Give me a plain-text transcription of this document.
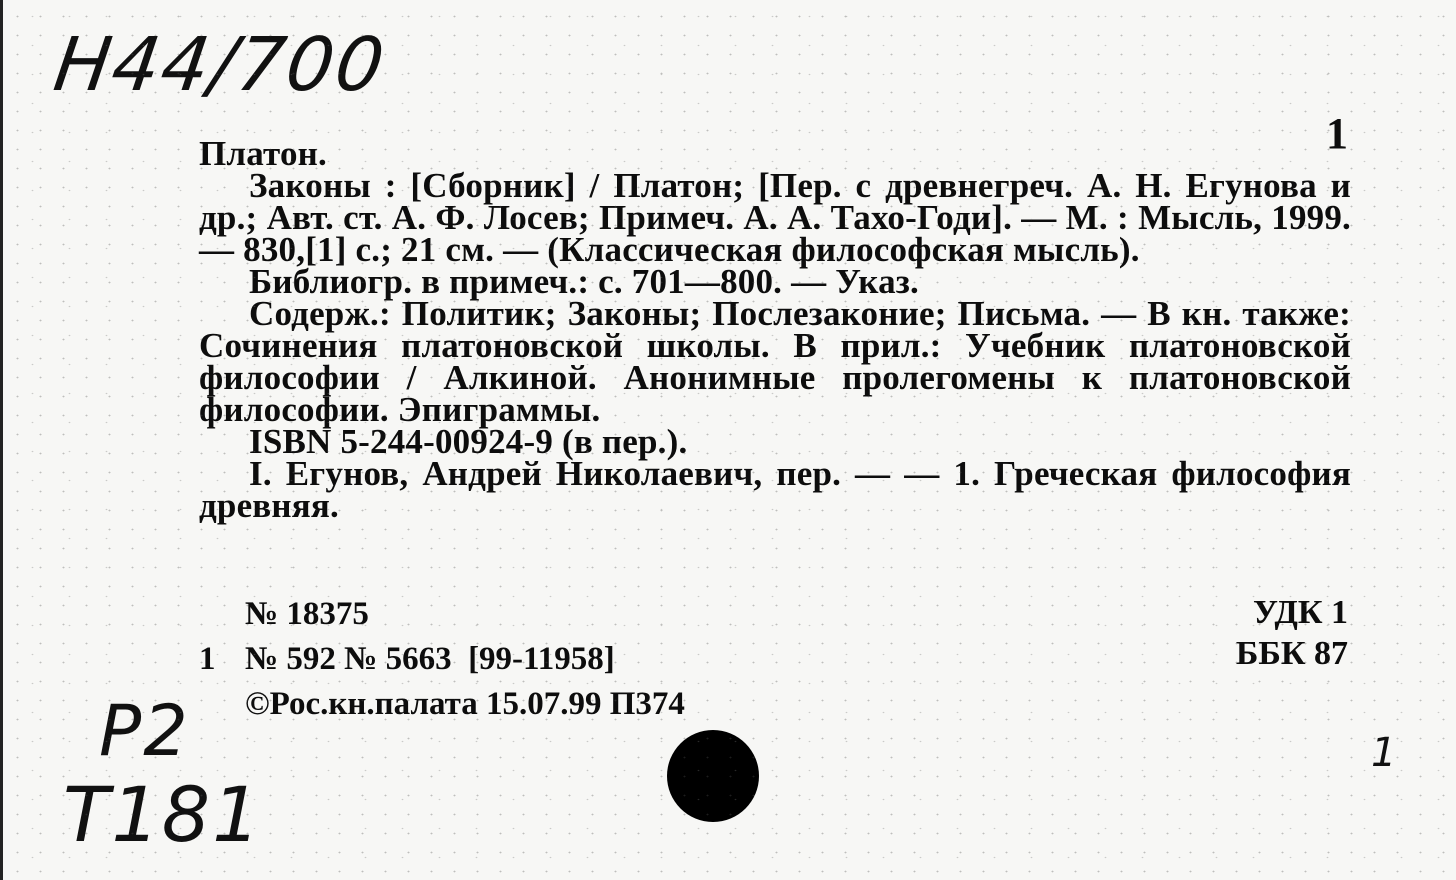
Н44/700
1

Платон.

Законы : [Сборник] / Платон; [Пер. с древнегреч. А. Н. Егунова и др.; Авт. ст. А. Ф. Лосев; Примеч. А. А. Тахо-Годи]. — М. : Мысль, 1999. — 830,[1] с.; 21 см. — (Классическая философская мысль).

Библиогр. в примеч.: с. 701—800. — Указ.

Содерж.: Политик; Законы; Послезаконие; Письма. — В кн. также: Сочинения платоновской школы. В прил.: Учебник платоновской философии / Алкиной. Анонимные пролегомены к платоновской философии. Эпиграммы.

ISBN 5-244-00924-9 (в пер.).

I. Егунов, Андрей Николаевич, пер. — — 1. Греческая философия древняя.

№ 18375
1 № 592 № 5663  [99-11958]
©Рос.кн.палата 15.07.99 П374
УДК 1
ББК 87
Р2
Т181
1
